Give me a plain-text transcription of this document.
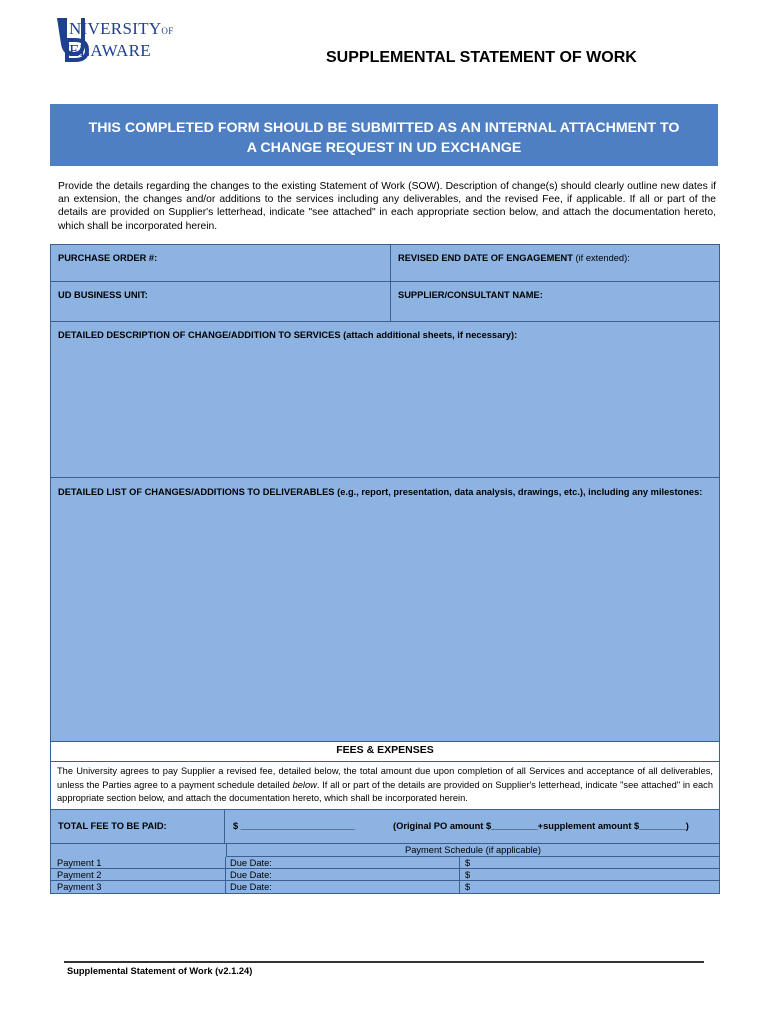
NIVERSITYOF
ELAWARE	SUPPLEMENTAL STATEMENT OF WORK
THIS COMPLETED FORM SHOULD BE SUBMITTED AS AN INTERNAL ATTACHMENT TO
A CHANGE REQUEST IN UD EXCHANGE
Provide the details regarding the changes to the existing Statement of Work (SOW). Description of change(s) should clearly outline new dates if an extension, the changes and/or additions to the services including any deliverables, and the revised Fee, if applicable. If all or part of the details are provided on Supplier's letterhead, indicate "see attached" in each appropriate section below, and attach the documentation hereto, which shall be incorporated herein.
PURCHASE ORDER #:	REVISED END DATE OF ENGAGEMENT (if extended):
UD BUSINESS UNIT:	SUPPLIER/CONSULTANT NAME:
DETAILED DESCRIPTION OF CHANGE/ADDITION TO SERVICES (attach additional sheets, if necessary):
DETAILED LIST OF CHANGES/ADDITIONS TO DELIVERABLES (e.g., report, presentation, data analysis, drawings, etc.), including any milestones:
FEES & EXPENSES
The University agrees to pay Supplier a revised fee, detailed below, the total amount due upon completion of all Services and acceptance of all deliverables, unless the Parties agree to a payment schedule detailed below. If all or part of the details are provided on Supplier's letterhead, indicate "see attached" in each appropriate section below, and attach the documentation hereto, which shall be incorporated herein.
TOTAL FEE TO BE PAID:	$ ______________________	(Original PO amount $_________+supplement amount $_________)
Payment Schedule (if applicable)
Payment 1	Due Date:	$
Payment 2	Due Date:	$
Payment 3	Due Date:	$
Supplemental Statement of Work (v2.1.24)
